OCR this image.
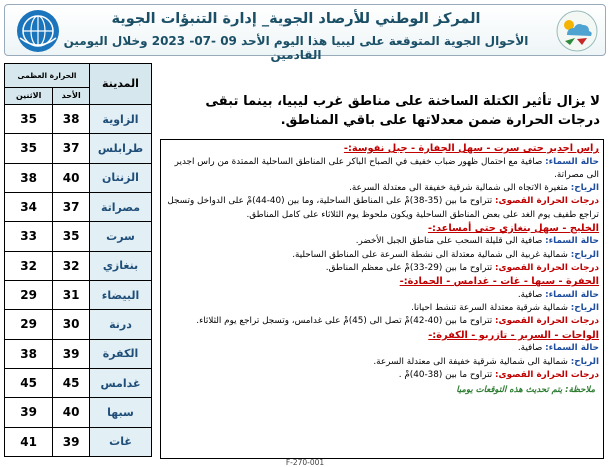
المركز الوطني للأرصاد الجوية_ إدارة التنبؤات الجوية
الأحوال الجوية المتوقعة على ليبيا هذا اليوم الأحد 09 -07- 2023 وخلال اليومين القادمين
المدينة	الحرارة العظمى	
	الأحد	الاثنين
الزاوية	38	35
طرابلس	37	35
الزنتان	40	38
مصراتة	37	34
سرت	35	33
بنغازي	32	32
البيضاء	31	29
درنة	30	29
الكفرة	39	38
غدامس	45	45
سبها	40	39
غات	39	41
لا يزال تأثير الكتلة الساخنة على مناطق غرب ليبيا، بينما تبقى درجات الحرارة ضمن معدلاتها على باقي المناطق.
راس اجدير حتى سرت - سهل الجفارة - جبل نفوسة:-

حالة السماء: صافية مع احتمال ظهور ضباب خفيف في الصباح الباكر على المناطق الساحلية الممتدة من راس اجدير الى مصراتة.

الرياح: متغيرة الاتجاه الى شمالية شرقية خفيفة الى معتدلة السرعة.

درجات الحرارة القصوى: تتراوح ما بين (35-38)مْ على المناطق الساحلية، وما بين (40-44)مْ على الدواخل وتسجل تراجع طفيف يوم الغد على بعض المناطق الساحلية ويكون ملحوظ يوم الثلاثاء على كامل المناطق.

الخليج - سهل بنغازي حتى أمساعد:-

حالة السماء: صافية الى قليلة السحب على مناطق الجبل الأخضر.

الرياح: شمالية غربية الى شمالية معتدلة الى نشطة السرعة على المناطق الساحلية.

درجات الحرارة القصوى: تتراوح ما بين (29-33)مْ على معظم المناطق.

الجفرة - سبها - غات - غدامس - الحمادة:-

حالة السماء: صافية.

الرياح: شمالية شرقية معتدلة السرعة تنشط احيانا.

درجات الحرارة القصوى: تتراوح ما بين (40-42)مْ تصل الى (45)مْ على غدامس، وتسجل تراجع يوم الثلاثاء.

الواحات - السرير - تازربو - الكفرة:-

حالة السماء: صافية.

الرياح: شمالية الى شمالية شرقية خفيفة الى معتدلة السرعة.

درجات الحرارة القصوى: تتراوح ما بين (38-40)مْ .

ملاحظة: يتم تحديث هذه التوقعات يوميا
F-270-001
